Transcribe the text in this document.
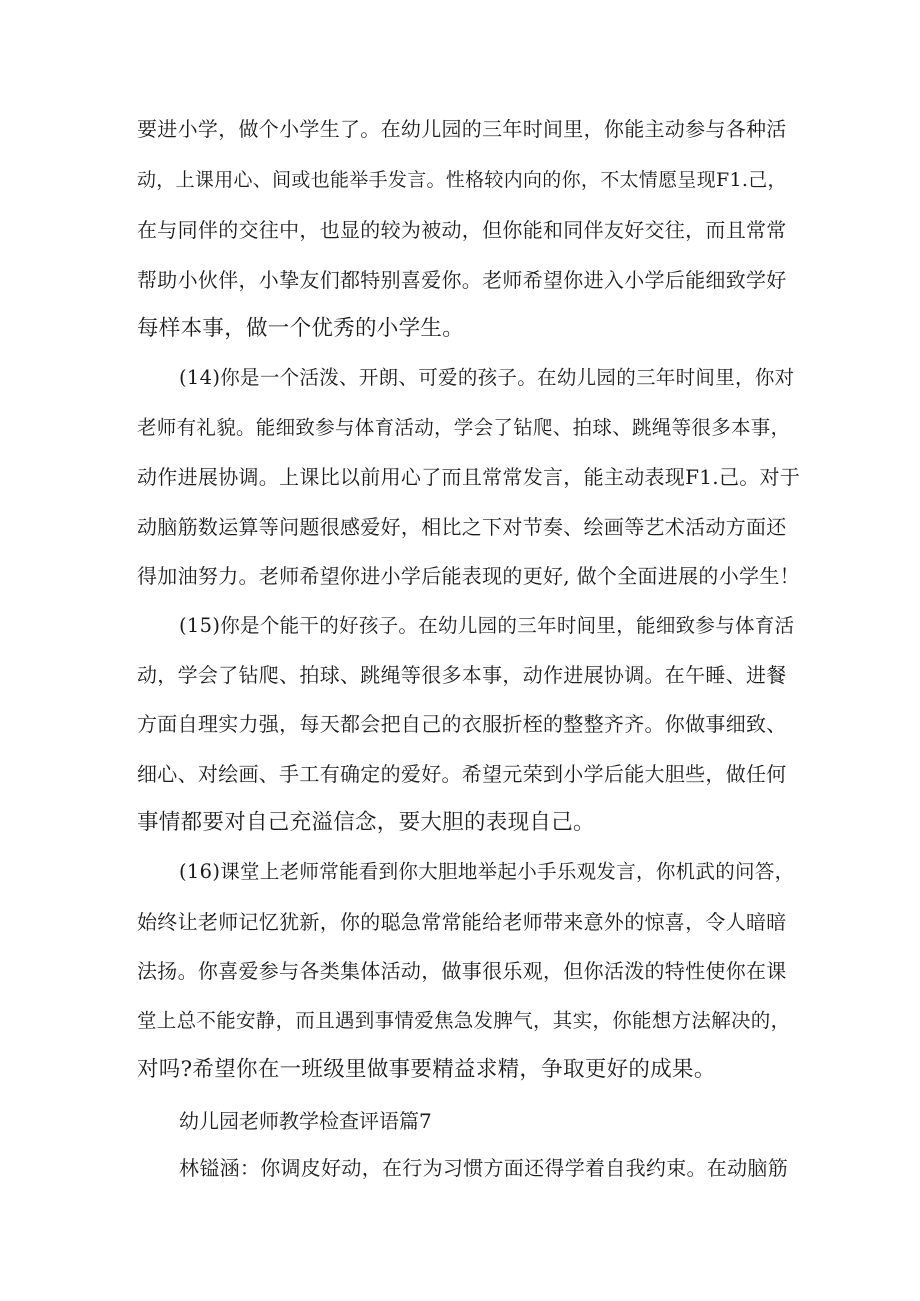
要进小学，做个小学生了。在幼儿园的三年时间里，你能主动参与各种活
动，上课用心、间或也能举手发言。性格较内向的你，不太情愿呈现F1.己，
在与同伴的交往中，也显的较为被动，但你能和同伴友好交往，而且常常
帮助小伙伴，小挚友们都特别喜爱你。老师希望你进入小学后能细致学好
每样本事，做一个优秀的小学生。
(14)你是一个活泼、开朗、可爱的孩子。在幼儿园的三年时间里，你对
老师有礼貌。能细致参与体育活动，学会了钻爬、拍球、跳绳等很多本事，
动作进展协调。上课比以前用心了而且常常发言，能主动表现F1.己。对于
动脑筋数运算等问题很感爱好，相比之下对节奏、绘画等艺术活动方面还
得加油努力。老师希望你进小学后能表现的更好, 做个全面进展的小学生！
(15)你是个能干的好孩子。在幼儿园的三年时间里，能细致参与体育活
动，学会了钻爬、拍球、跳绳等很多本事，动作进展协调。在午睡、进餐
方面自理实力强，每天都会把自己的衣服折桎的整整齐齐。你做事细致、
细心、对绘画、手工有确定的爱好。希望元荣到小学后能大胆些，做任何
事情都要对自己充溢信念，要大胆的表现自己。
(16)课堂上老师常能看到你大胆地举起小手乐观发言，你机武的问答，
始终让老师记忆犹新，你的聪急常常能给老师带来意外的惊喜，令人暗暗
法扬。你喜爱参与各类集体活动，做事很乐观，但你活泼的特性使你在课
堂上总不能安静，而且遇到事情爱焦急发脾气，其实，你能想方法解决的，
对吗?希望你在一班级里做事要精益求精，争取更好的成果。
幼儿园老师教学检查评语篇7
林镒涵：你调皮好动，在行为习惯方面还得学着自我约束。在动脑筋
